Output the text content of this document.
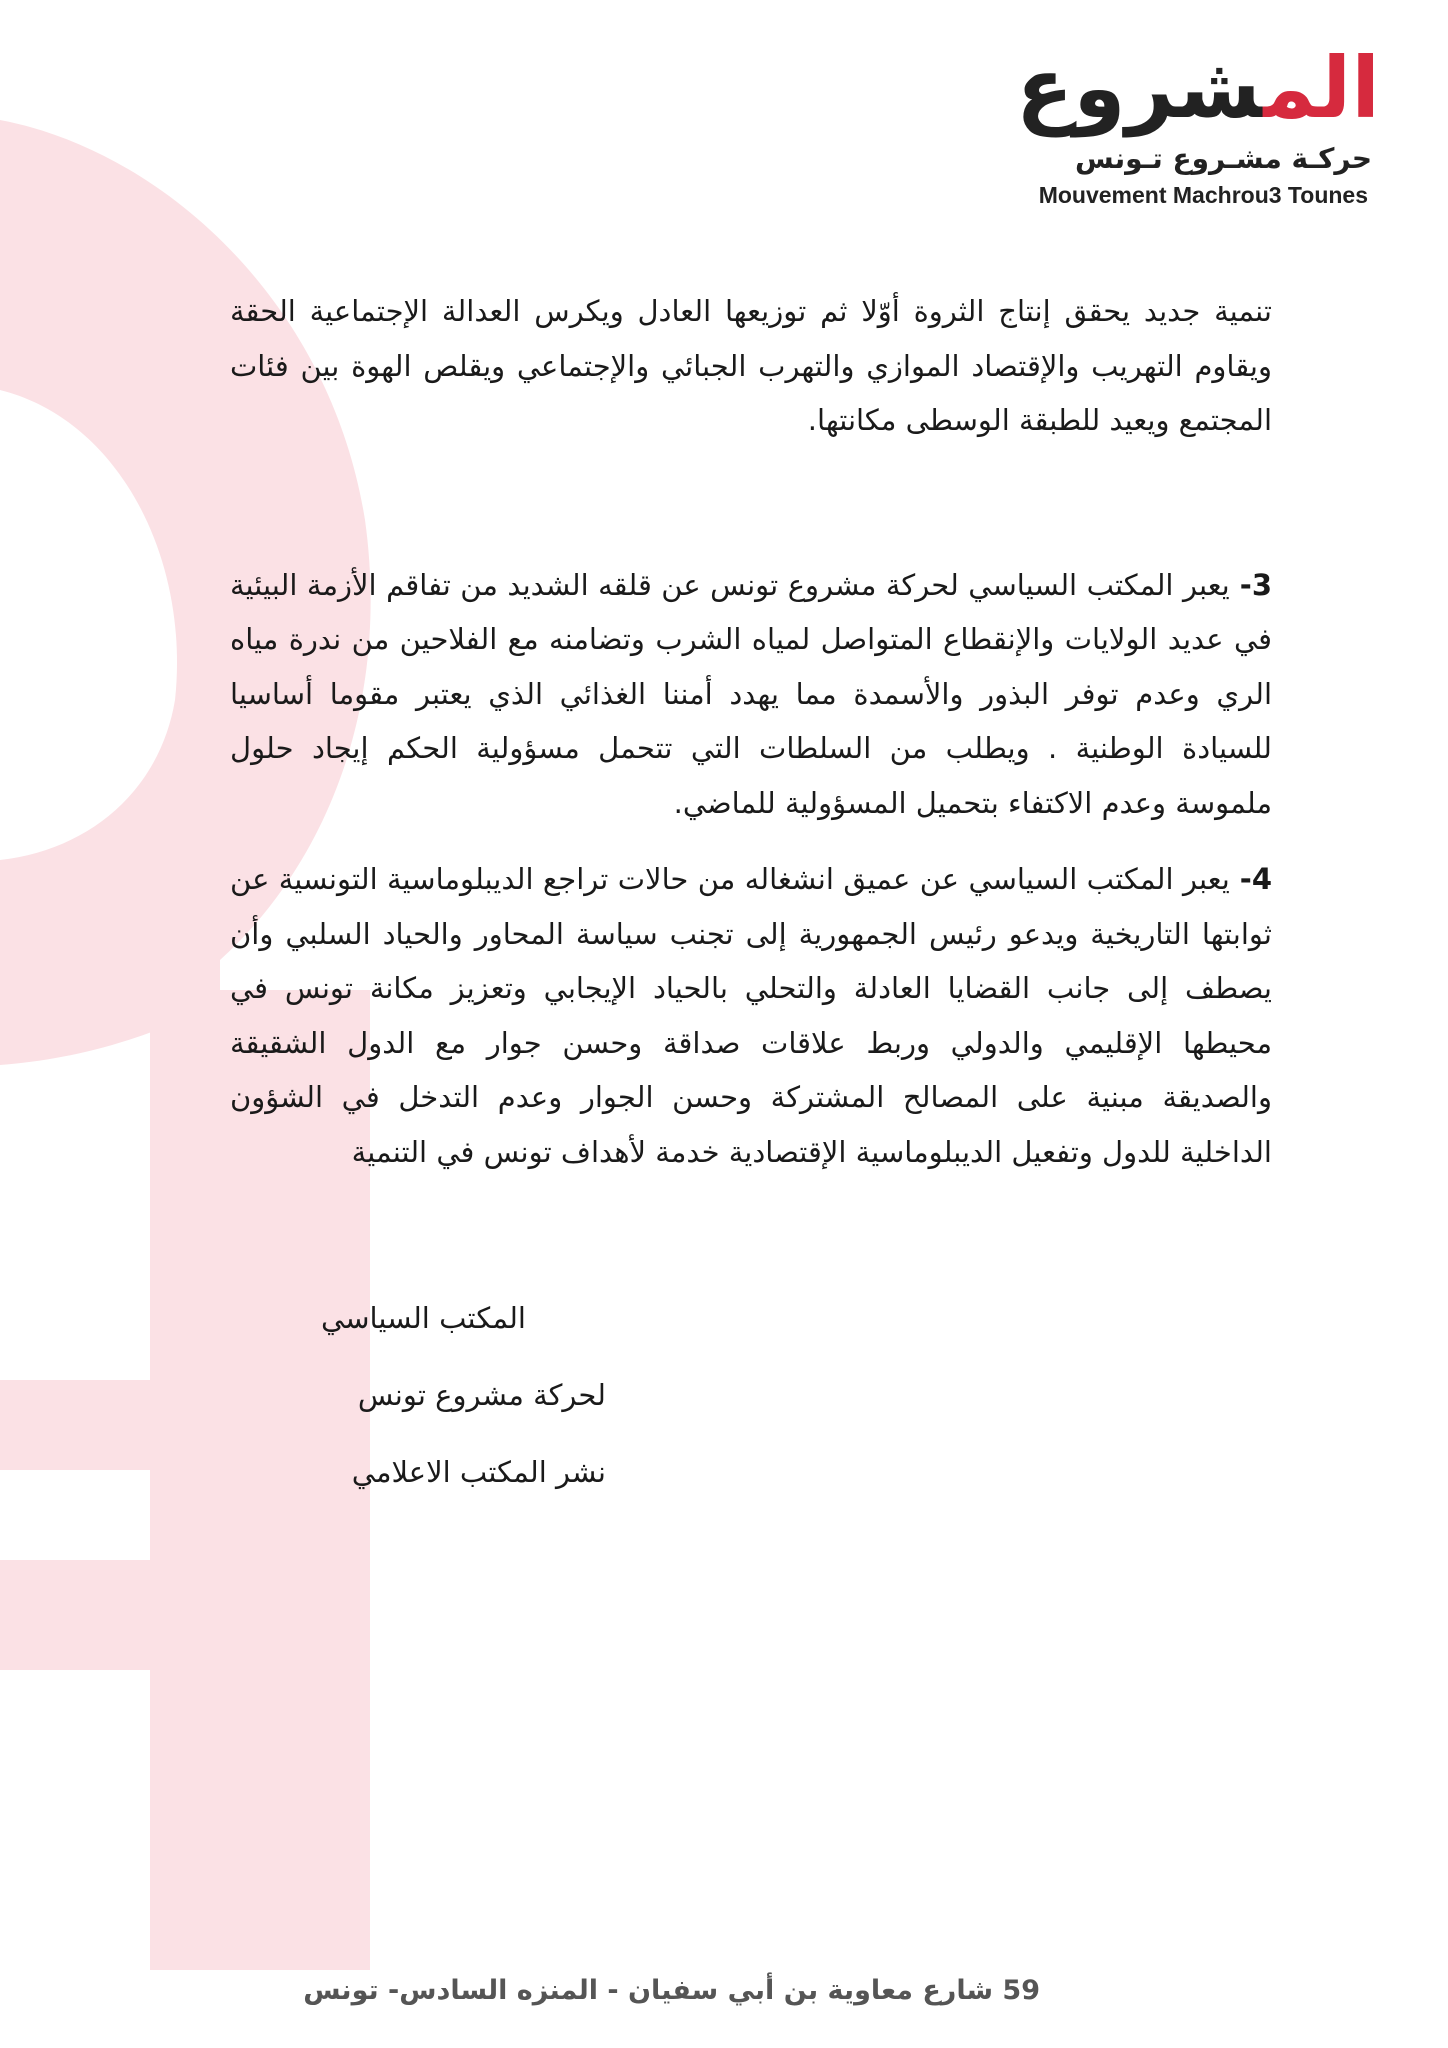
المشروع
حركـة مشـروع تـونس
Mouvement Machrou3 Tounes

تنمية جديد يحقق إنتاج الثروة أوّلا ثم توزيعها العادل ويكرس العدالة الإجتماعية الحقة ويقاوم التهريب والإقتصاد الموازي والتهرب الجبائي والإجتماعي ويقلص الهوة بين فئات المجتمع ويعيد للطبقة الوسطى مكانتها.

3-يعبر المكتب السياسي لحركة مشروع تونس عن قلقه الشديد من تفاقم الأزمة البيئية في عديد الولايات والإنقطاع المتواصل لمياه الشرب وتضامنه مع الفلاحين من ندرة مياه الري وعدم توفر البذور والأسمدة مما يهدد أمننا الغذائي الذي يعتبر مقوما أساسيا للسيادة الوطنية . ويطلب من السلطات التي تتحمل مسؤولية الحكم إيجاد حلول ملموسة وعدم الاكتفاء بتحميل المسؤولية للماضي.

4-يعبر المكتب السياسي عن عميق انشغاله من حالات تراجع الديبلوماسية التونسية عن ثوابتها التاريخية ويدعو رئيس الجمهورية إلى تجنب سياسة المحاور والحياد السلبي وأن يصطف إلى جانب القضايا العادلة والتحلي بالحياد الإيجابي وتعزيز مكانة تونس في محيطها الإقليمي والدولي وربط علاقات صداقة وحسن جوار مع الدول الشقيقة والصديقة مبنية على المصالح المشتركة وحسن الجوار وعدم التدخل في الشؤون الداخلية للدول وتفعيل الديبلوماسية الإقتصادية خدمة لأهداف تونس في التنمية

المكتب السياسي

لحركة مشروع تونس

نشر المكتب الاعلامي

59 شارع معاوية بن أبي سفيان - المنزه السادس- تونس
